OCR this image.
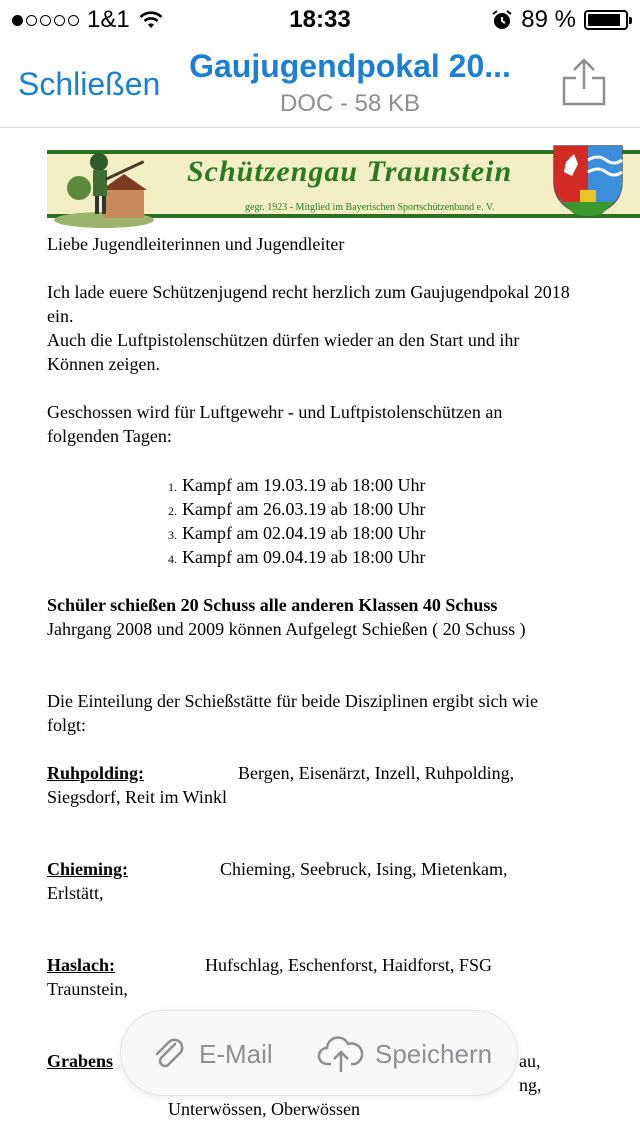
1&1	18:33	89 %
Schließen Gaujugendpokal 20...
DOC - 58 KB
Schützengau Traunstein
gegr. 1923 - Mitglied im Bayerischen Sportschützenbund e. V.

Liebe Jugendleiterinnen und Jugendleiter

Ich lade euere Schützenjugend recht herzlich zum Gaujugendpokal 2018 ein.

Auch die Luftpistolenschützen dürfen wieder an den Start und ihr Können zeigen.

Geschossen wird für Luftgewehr - und Luftpistolenschützen an folgenden Tagen:

1. Kampf am 19.03.19 ab 18:00 Uhr
2. Kampf am 26.03.19 ab 18:00 Uhr
3. Kampf am 02.04.19 ab 18:00 Uhr
4. Kampf am 09.04.19 ab 18:00 Uhr

Schüler schießen 20 Schuss alle anderen Klassen 40 Schuss

Jahrgang 2008 und 2009 können Aufgelegt Schießen ( 20 Schuss )

Die Einteilung der Schießstätte für beide Disziplinen ergibt sich wie folgt:

Ruhpolding:	Bergen, Eisenärzt, Inzell, Ruhpolding,
Siegsdorf, Reit im Winkl
Chieming:	Chieming, Seebruck, Ising, Mietenkam,
Erlstätt,
Haslach:	Hufschlag, Eschenforst, Haidforst, FSG
Traunstein,
Grabens	au,
ng,
Unterwössen, Oberwössen
E-Mail	Speichern
